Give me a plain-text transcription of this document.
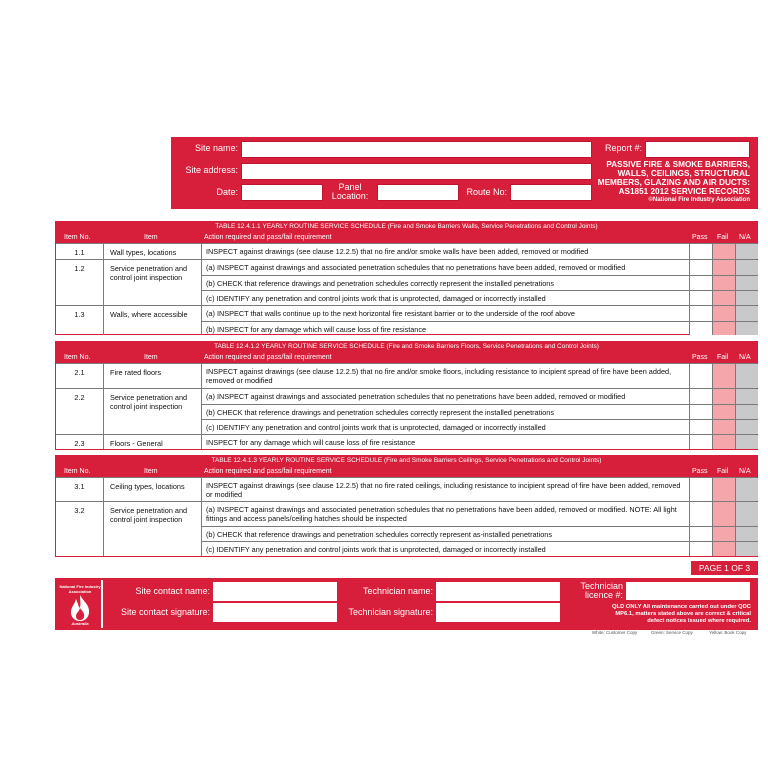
Site name:
Site address:
Date:	Panel
Location:	Route No:
Report #:
PASSIVE FIRE & SMOKE BARRIERS,
WALLS, CEILINGS, STRUCTURAL
MEMBERS, GLAZING AND AIR DUCTS:
AS1851 2012 SERVICE RECORDS
©National Fire Industry Association
TABLE 12.4.1.1 YEARLY ROUTINE SERVICE SCHEDULE (Fire and Smoke Barriers Walls, Service Penetrations and Control Joints)
Item No.	Item	Action required and pass/fail requirement	Pass Fail N/A
1.1	Wall types, locations	INSPECT against drawings (see clause 12.2.5) that no fire and/or smoke walls have been added, removed or modified
1.2	Service penetration and control joint inspection
(a) INSPECT against drawings and associated penetration schedules that no penetrations have been added, removed or modified
(b) CHECK that reference drawings and penetration schedules correctly represent the installed penetrations
(c) IDENTIFY any penetration and control joints work that is unprotected, damaged or incorrectly installed
1.3	Walls, where accessible	(a) INSPECT that walls continue up to the next horizontal fire resistant barrier or to the underside of the roof above
(b) INSPECT for any damage which will cause loss of fire resistance
TABLE 12.4.1.2 YEARLY ROUTINE SERVICE SCHEDULE (Fire and Smoke Barriers Floors, Service Penetrations and Control Joints)
Item No.	Item	Action required and pass/fail requirement	Pass Fail N/A
2.1	Fire rated floors	INSPECT against drawings (see clause 12.2.5) that no fire and/or smoke floors, including resistance to incipient spread of fire have been added, removed or modified
2.2	Service penetration and control joint inspection
(a) INSPECT against drawings and associated penetration schedules that no penetrations have been added, removed or modified
(b) CHECK that reference drawings and penetration schedules correctly represent the installed penetrations
(c) IDENTIFY any penetration and control joints work that is unprotected, damaged or incorrectly installed
2.3	Floors - General	INSPECT for any damage which will cause loss of fire resistance
TABLE 12.4.1.3 YEARLY ROUTINE SERVICE SCHEDULE (Fire and Smoke Barriers Ceilings, Service Penetrations and Control Joints)
Item No.	Item	Action required and pass/fail requirement	Pass Fail N/A
3.1	Ceiling types, locations	INSPECT against drawings (see clause 12.2.5) that no fire rated ceilings, including resistance to incipient spread of fire have been added, removed or modified
3.2	Service penetration and control joint inspection
(a) INSPECT against drawings and associated penetration schedules that no penetrations have been added, removed or modified. NOTE: All light fittings and access panels/ceiling hatches should be inspected
(b) CHECK that reference drawings and penetration schedules correctly represent as-installed penetrations
(c) IDENTIFY any penetration and control joints work that is unprotected, damaged or incorrectly installed
PAGE 1 OF 3
National Fire Industry
Association
Australia
Site contact name:
Site contact signature:
Technician name:
Technician signature:
Technician
licence #:
QLD ONLY All maintenance carried out under QDC
MP6.1, matters stated above are correct & critical
defect notices issued where required.
White: Customer Copy	Green: Service Copy	Yellow: Book Copy
